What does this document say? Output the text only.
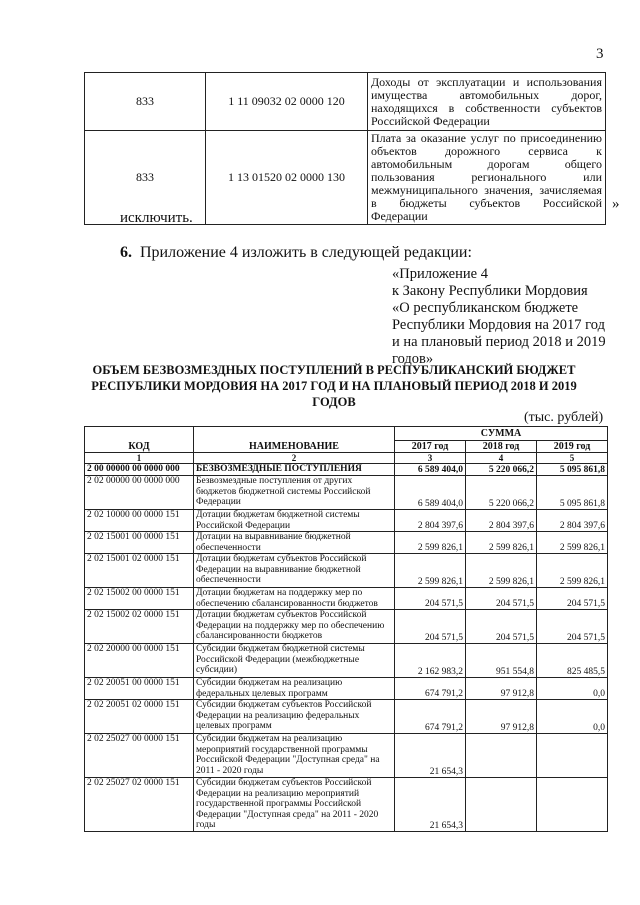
3
833	1 11 09032 02 0000 120	Доходы от эксплуатации и использования имущества автомобильных дорог, находящихся в собственности субъектов Российской Федерации
833	1 13 01520 02 0000 130	Плата за оказание услуг по присоединению объектов дорожного сервиса к автомобильным дорогам общего пользования регионального или межмуниципального значения, зачисляемая в бюджеты субъектов Российской Федерации
»
исключить.
6. Приложение 4 изложить в следующей редакции:
«Приложение 4
к Закону Республики Мордовия
«О республиканском бюджете
Республики Мордовия на 2017 год
и на плановый период 2018 и 2019
годов»
ОБЪЕМ БЕЗВОЗМЕЗДНЫХ ПОСТУПЛЕНИЙ В РЕСПУБЛИКАНСКИЙ БЮДЖЕТ
РЕСПУБЛИКИ МОРДОВИЯ НА 2017 ГОД И НА ПЛАНОВЫЙ ПЕРИОД 2018 И 2019
ГОДОВ
(тыс. рублей)
КОД	НАИМЕНОВАНИЕ	СУММА		
		2017 год	2018 год	2019 год
1	2	3	4	5
2 00 00000 00 0000 000	БЕЗВОЗМЕЗДНЫЕ ПОСТУПЛЕНИЯ	6 589 404,0	5 220 066,2	5 095 861,8
2 02 00000 00 0000 000	Безвозмездные поступления от других бюджетов бюджетной системы Российской Федерации	6 589 404,0	5 220 066,2	5 095 861,8
2 02 10000 00 0000 151	Дотации бюджетам бюджетной системы Российской Федерации	2 804 397,6	2 804 397,6	2 804 397,6
2 02 15001 00 0000 151	Дотации на выравнивание бюджетной обеспеченности	2 599 826,1	2 599 826,1	2 599 826,1
2 02 15001 02 0000 151	Дотации бюджетам субъектов Российской Федерации на выравнивание бюджетной обеспеченности	2 599 826,1	2 599 826,1	2 599 826,1
2 02 15002 00 0000 151	Дотации бюджетам на поддержку мер по обеспечению сбалансированности бюджетов	204 571,5	204 571,5	204 571,5
2 02 15002 02 0000 151	Дотации бюджетам субъектов Российской Федерации на поддержку мер по обеспечению сбалансированности бюджетов	204 571,5	204 571,5	204 571,5
2 02 20000 00 0000 151	Субсидии бюджетам бюджетной системы Российской Федерации (межбюджетные субсидии)	2 162 983,2	951 554,8	825 485,5
2 02 20051 00 0000 151	Субсидии бюджетам на реализацию федеральных целевых программ	674 791,2	97 912,8	0,0
2 02 20051 02 0000 151	Субсидии бюджетам субъектов Российской Федерации на реализацию федеральных целевых программ	674 791,2	97 912,8	0,0
2 02 25027 00 0000 151	Субсидии бюджетам на реализацию мероприятий государственной программы Российской Федерации "Доступная среда" на 2011 - 2020 годы	21 654,3		
2 02 25027 02 0000 151	Субсидии бюджетам субъектов Российской Федерации на реализацию мероприятий государственной программы Российской Федерации "Доступная среда" на 2011 - 2020 годы	21 654,3		
